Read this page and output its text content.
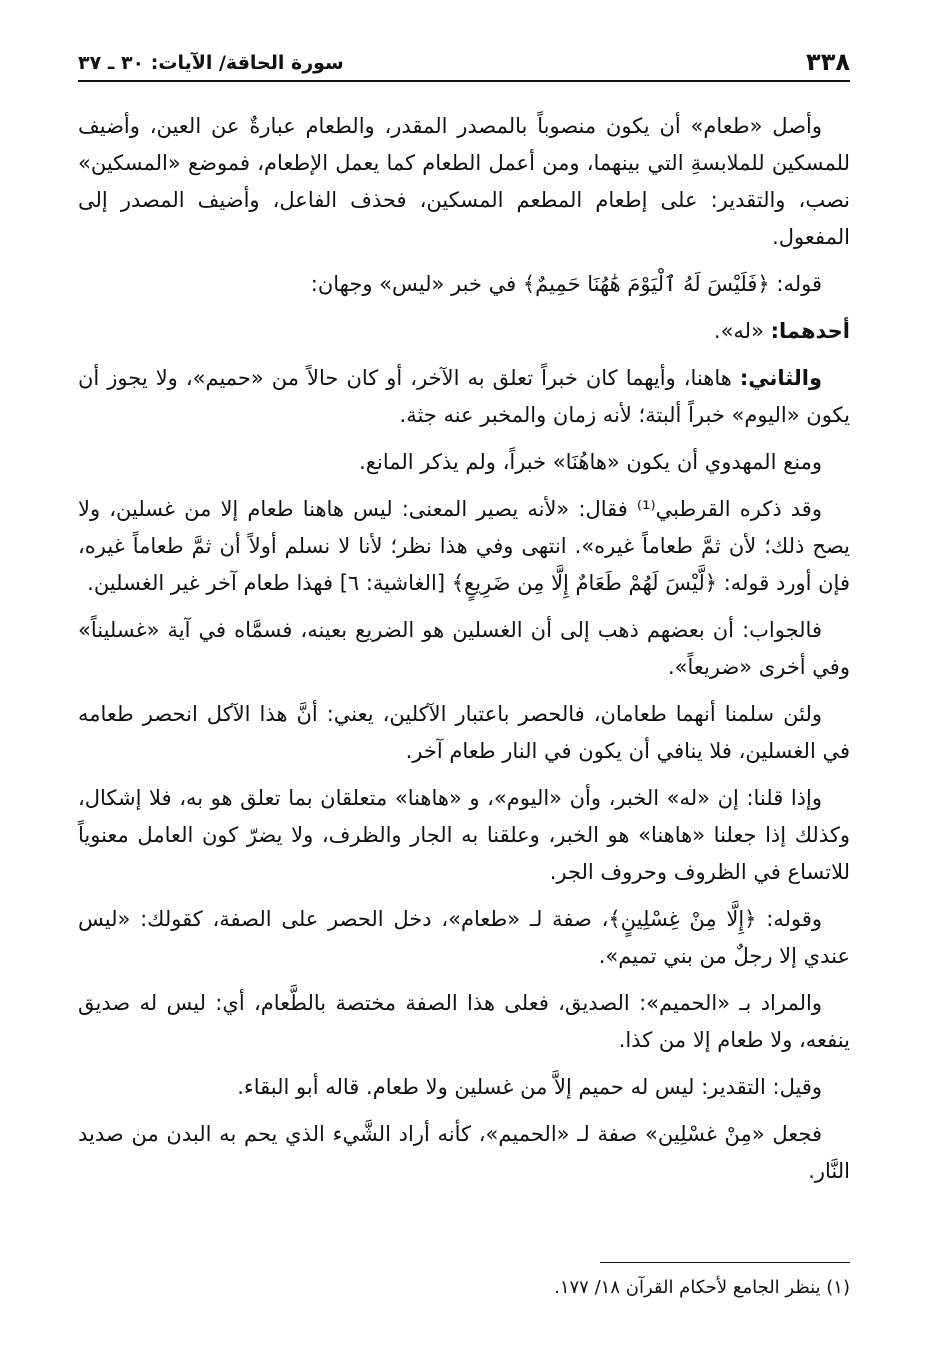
٣٣٨
سورة الحاقة/ الآيات: ٣٠ ـ ٣٧

وأصل «طعام» أن يكون منصوباً بالمصدر المقدر، والطعام عبارةٌ عن العين، وأضيف للمسكين للملابسةِ التي بينهما، ومن أعمل الطعام كما يعمل الإطعام، فموضع «المسكين» نصب، والتقدير: على إطعام المطعم المسكين، فحذف الفاعل، وأضيف المصدر إلى المفعول.

قوله: ﴿فَلَيْسَ لَهُ ٱلْيَوْمَ هَٰهُنَا حَمِيمٌ﴾ في خبر «ليس» وجهان:

أحدهما: «له».

والثاني: هاهنا، وأيهما كان خبراً تعلق به الآخر، أو كان حالاً من «حميم»، ولا يجوز أن يكون «اليوم» خبراً ألبتة؛ لأنه زمان والمخبر عنه جثة.

ومنع المهدوي أن يكون «هاهُنَا» خبراً، ولم يذكر المانع.

وقد ذكره القرطبي⁽¹⁾ فقال: «لأنه يصير المعنى: ليس هاهنا طعام إلا من غسلين، ولا يصح ذلك؛ لأن ثمَّ طعاماً غيره». انتهى وفي هذا نظر؛ لأنا لا نسلم أولاً أن ثمَّ طعاماً غيره، فإن أورد قوله: ﴿لَّيْسَ لَهُمْ طَعَامٌ إِلَّا مِن ضَرِيعٍ﴾ [الغاشية: ٦] فهذا طعام آخر غير الغسلين.

فالجواب: أن بعضهم ذهب إلى أن الغسلين هو الضريع بعينه، فسمَّاه في آية «غسليناً» وفي أخرى «ضريعاً».

ولئن سلمنا أنهما طعامان، فالحصر باعتبار الآكلين، يعني: أنَّ هذا الآكل انحصر طعامه في الغسلين، فلا ينافي أن يكون في النار طعام آخر.

وإذا قلنا: إن «له» الخبر، وأن «اليوم»، و «هاهنا» متعلقان بما تعلق هو به، فلا إشكال، وكذلك إذا جعلنا «هاهنا» هو الخبر، وعلقنا به الجار والظرف، ولا يضرّ كون العامل معنوياً للاتساع في الظروف وحروف الجر.

وقوله: ﴿إِلَّا مِنْ غِسْلِينٍ﴾، صفة لـ «طعام»، دخل الحصر على الصفة، كقولك: «ليس عندي إلا رجلٌ من بني تميم».

والمراد بـ «الحميم»: الصديق، فعلى هذا الصفة مختصة بالطَّعام، أي: ليس له صديق ينفعه، ولا طعام إلا من كذا.

وقيل: التقدير: ليس له حميم إلاَّ من غسلين ولا طعام. قاله أبو البقاء.

فجعل «مِنْ غسْلِين» صفة لـ «الحميم»، كأنه أراد الشَّيء الذي يحم به البدن من صديد النَّار.

(١) ينظر الجامع لأحكام القرآن ١٨/ ١٧٧.
